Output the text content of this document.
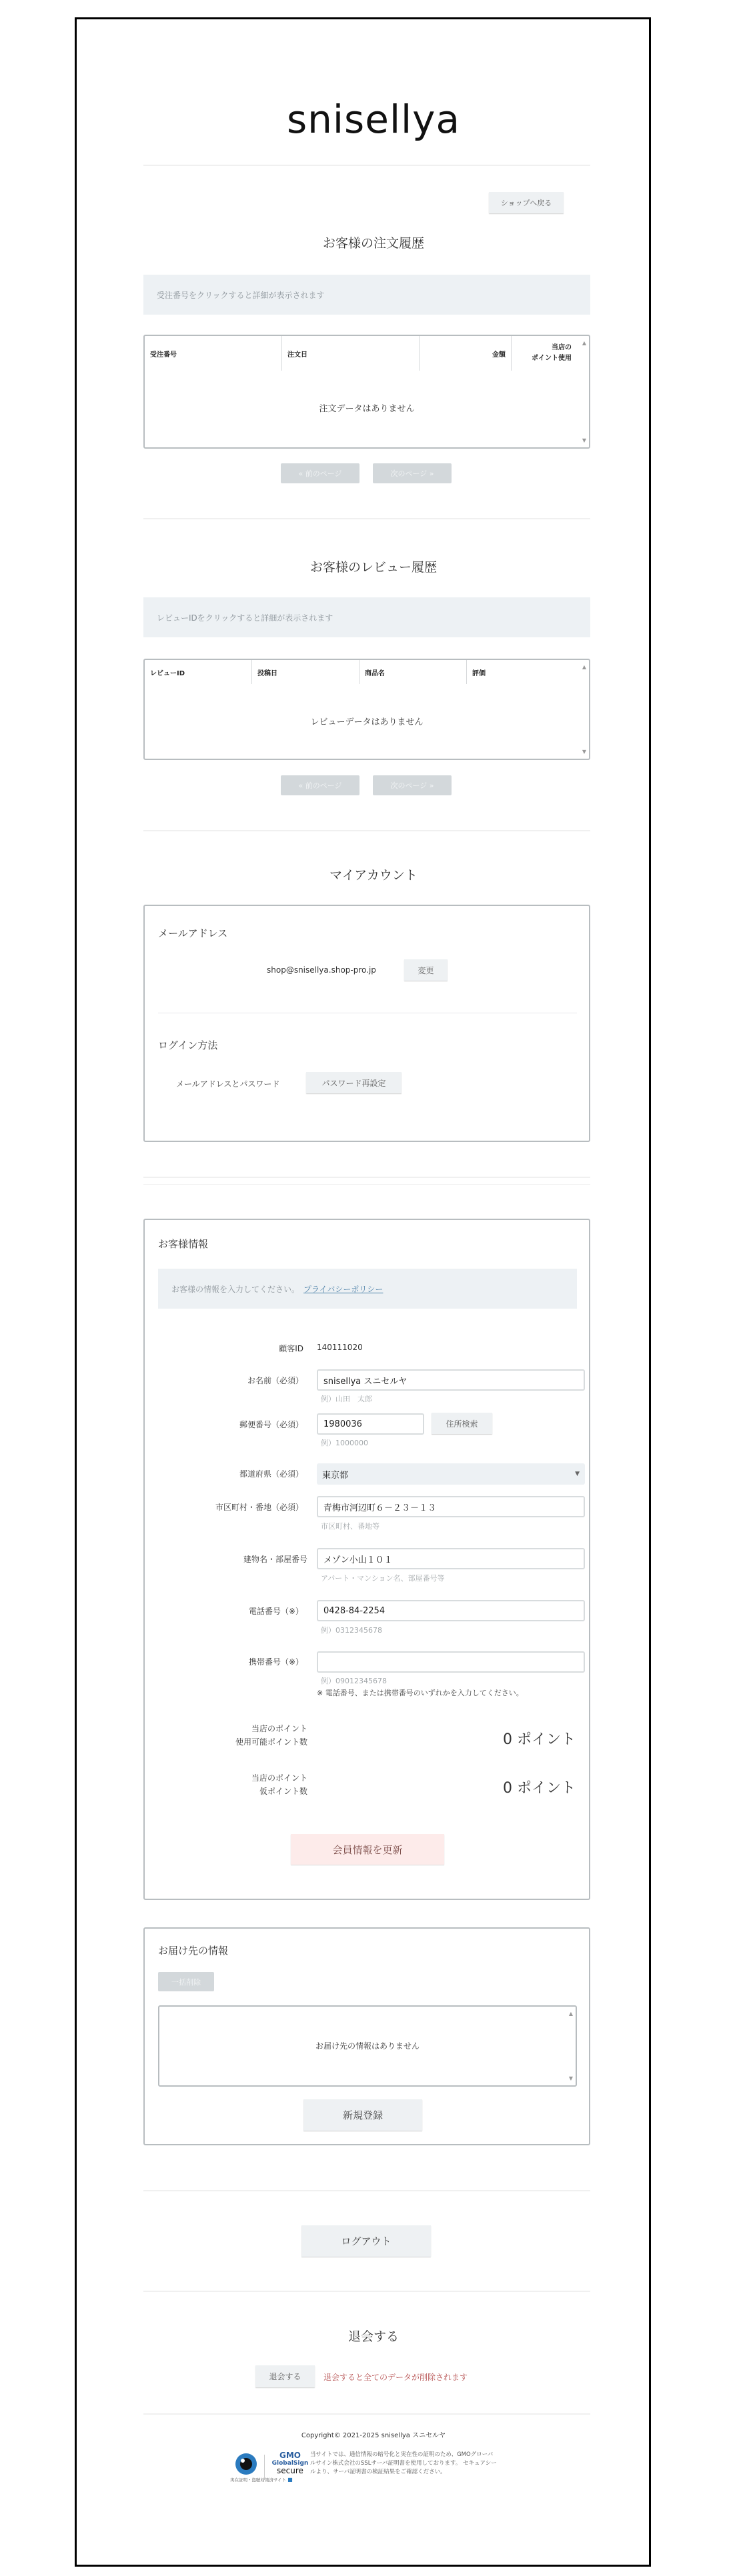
snisellya
ショップへ戻る
お客様の注文履歴
受注番号をクリックすると詳細が表示されます
受注番号	注文日	金額
当店の
ポイント使用
注文データはありません
▲
▼
« 前のページ	次のページ »
お客様のレビュー履歴
レビューIDをクリックすると詳細が表示されます
レビューID	投稿日	商品名	評価
レビューデータはありません
▲
▼
« 前のページ	次のページ »
マイアカウント
メールアドレス
shop@snisellya.shop-pro.jp	変更
ログイン方法
メールアドレスとパスワード	パスワード再設定
お客様情報
お客様の情報を入力してください。 プライバシーポリシー
顧客ID 140111020
お名前（必須）	snisellya スニセルヤ
例）山田　太郎
郵便番号（必須）	1980036	住所検索
例）1000000
都道府県（必須） 東京都	▼
市区町村・番地（必須）	青梅市河辺町６－２３－１３
市区町村、番地等
建物名・部屋番号	メゾン小山１０１
アパート・マンション名、部屋番号等
電話番号（※）	0428-84-2254
例）0312345678
携帯番号（※）
例）09012345678
※ 電話番号、または携帯番号のいずれかを入力してください。
当店のポイント
使用可能ポイント数	0 ポイント
当店のポイント
仮ポイント数	0 ポイント
会員情報を更新
お届け先の情報
一括削除
お届け先の情報はありません
▲
▼
新規登録
ログアウト
退会する
退会する	退会すると全てのデータが削除されます
Copyright© 2021-2025 snisellya スニセルヤ
GMO
GlobalSign
secure
実在証明・盗聴対策済サイト ■
当サイトでは、通信情報の暗号化と実在性の証明のため、GMOグローバルサイン株式会社のSSLサーバ証明書を使用しております。 セキュアシールより、サーバ証明書の検証結果をご確認ください。
